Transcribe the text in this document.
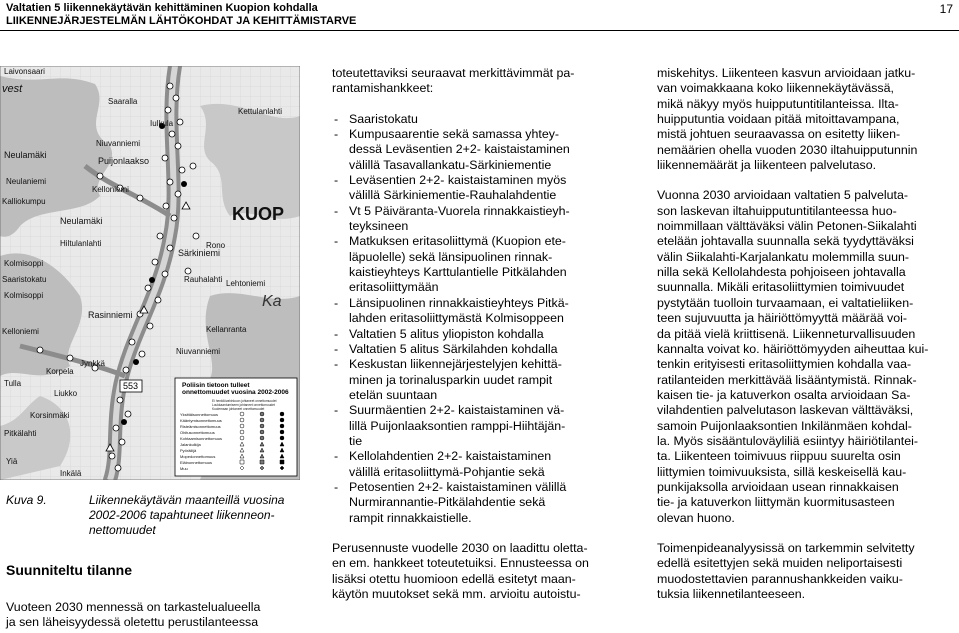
Valtatien 5 liikennekäytävän kehittäminen Kuopion kohdalla
LIIKENNEJÄRJESTELMÄN LÄHTÖKOHDAT JA KEHITTÄMISTARVE
17
Laivonsaari
vest
Saaralla
Iulkula
Kettulanlahti
Niuvanniemi
Puijonlaakso
Neulamäki
Neulaniemi
Kelloniemi
Kalliokumpu
Neulamäki	KUOP
Hiltulanlahti
Kolmisoppi
Saaristokatu
Särkiniemi
Rauhalahti Lehtoniemi
Kolmisoppi
Rasinniemi
Kelloniemi	Kellanranta
Niuvanniemi
Korpela
Liukko
Tulla
Korsinmäki
Pitkälahti
Jynkkä
Ka
Rono
Yiä
Inkälä
553	Poliisin tietoon tulleet
onnettomuudet vuosina 2002-2006
Ei henkilövahinkoon johtaneet onnettomuudet
Loukkaantumiseen johtaneet onnettomuudet
Kuolemaan johtaneet onnettomuudet
Yksittäisonnettomuus
Kääntymisonnettomuus
Risteämisonnettomuus
Ohitusonnettomuus
Kohtaamisonnettomuus
Jalankulkija
Pyöräilijä
Mopedonnettomuus
Eläinonnettomuus
Muu
Kuva 9.	Liikennekäytävän maanteillä vuosina
2002-2006 tapahtuneet liikenneon-
nettomuudet
Suunniteltu tilanne
Vuoteen 2030 mennessä on tarkastelualueella
ja sen läheisyydessä oletettu perustilanteessa
toteutettaviksi seuraavat merkittävimmät pa-
rantamishankkeet:
- Saaristokatu
- Kumpusaarentie sekä samassa yhtey-
dessä Leväsentien 2+2- kaistaistaminen
välillä Tasavallankatu-Särkiniementie
- Leväsentien 2+2- kaistaistaminen myös
välillä Särkiniementie-Rauhalahdentie
- Vt 5 Päiväranta-Vuorela rinnakkaistieyh-
teyksineen
- Matkuksen eritasoliittymä (Kuopion ete-
läpuolelle) sekä länsipuolinen rinnak-
kaistieyhteys Karttulantielle Pitkälahden
eritasoliittymään
- Länsipuolinen rinnakkaistieyhteys Pitkä-
lahden eritasoliittymästä Kolmisoppeen
- Valtatien 5 alitus yliopiston kohdalla
- Valtatien 5 alitus Särkilahden kohdalla
- Keskustan liikennejärjestelyjen kehittä-
minen ja torinalusparkin uudet rampit
etelän suuntaan
- Suurmäentien 2+2- kaistaistaminen vä-
lillä Puijonlaaksontien ramppi-Hiihtäjän-
tie
- Kellolahdentien 2+2- kaistaistaminen
välillä eritasoliittymä-Pohjantie sekä
- Petosentien 2+2- kaistaistaminen välillä
Nurmirannantie-Pitkälahdentie sekä
rampit rinnakkaistielle.
Perusennuste vuodelle 2030 on laadittu oletta-
en em. hankkeet toteutetuiksi. Ennusteessa on
lisäksi otettu huomioon edellä esitetyt maan-
käytön muutokset sekä mm. arvioitu autoistu-
miskehitys. Liikenteen kasvun arvioidaan jatku-
van voimakkaana koko liikennekäytävässä,
mikä näkyy myös huipputuntitilanteissa. Ilta-
huipputuntia voidaan pitää mitoittavampana,
mistä johtuen seuraavassa on esitetty liiken-
nemäärien ohella vuoden 2030 iltahuipputunnin
liikennemäärät ja liikenteen palvelutaso.
Vuonna 2030 arvioidaan valtatien 5 palveluta-
son laskevan iltahuipputuntitilanteessa huo-
noimmillaan välttäväksi välin Petonen-Siikalahti
etelään johtavalla suunnalla sekä tyydyttäväksi
välin Siikalahti-Karjalankatu molemmilla suun-
nilla sekä Kellolahdesta pohjoiseen johtavalla
suunnalla. Mikäli eritasoliittymien toimivuudet
pystytään tuolloin turvaamaan, ei valtatieliiken-
teen sujuvuutta ja häiriöttömyyttä määrää voi-
da pitää vielä kriittisenä. Liikenneturvallisuuden
kannalta voivat ko. häiriöttömyyden aiheuttaa kui-
tenkin erityisesti eritasoliittymien kohdalla vaa-
ratilanteiden merkittävää lisääntymistä. Rinnak-
kaisen tie- ja katuverkon osalta arvioidaan Sa-
vilahdentien palvelutason laskevan välttäväksi,
samoin Puijonlaaksontien Inkilänmäen kohdal-
la. Myös sisääntuloväyliliä esiintyy häiriötilantei-
ta. Liikenteen toimivuus riippuu suurelta osin
liittymien toimivuuksista, sillä keskeisellä kau-
punkijaksolla arvioidaan usean rinnakkaisen
tie- ja katuverkon liittymän kuormitusasteen
olevan huono.
Toimenpideanalyysissä on tarkemmin selvitetty
edellä esitettyjen sekä muiden neliportaisesti
muodostettavien parannushankkeiden vaiku-
tuksia liikennetilanteeseen.
